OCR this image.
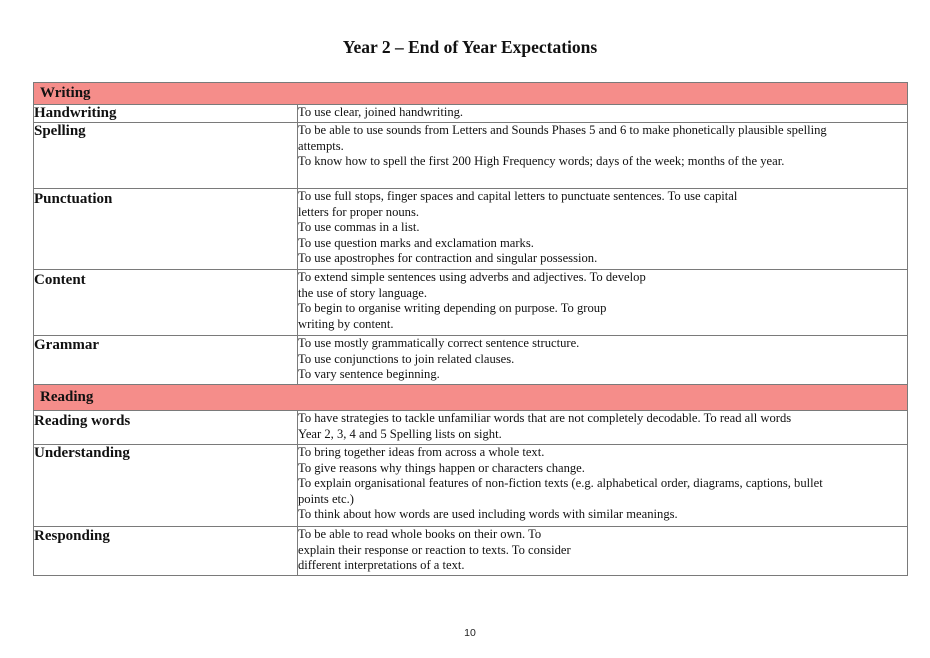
Year 2 – End of Year Expectations
Writing	
Handwriting	To use clear, joined handwriting.

Spelling	To be able to use sounds from Letters and Sounds Phases 5 and 6 to make phonetically plausible spelling
attempts.
To know how to spell the first 200 High Frequency words; days of the week; months of the year.

Punctuation	To use full stops, finger spaces and capital letters to punctuate sentences. To use capital
letters for proper nouns.
To use commas in a list.
To use question marks and exclamation marks.
To use apostrophes for contraction and singular possession.

Content	To extend simple sentences using adverbs and adjectives. To develop
the use of story language.
To begin to organise writing depending on purpose. To group
writing by content.

Grammar	To use mostly grammatically correct sentence structure.
To use conjunctions to join related clauses.
To vary sentence beginning.

Reading	
Reading words	To have strategies to tackle unfamiliar words that are not completely decodable. To read all words
Year 2, 3, 4 and 5 Spelling lists on sight.

Understanding	To bring together ideas from across a whole text.
To give reasons why things happen or characters change.
To explain organisational features of non-fiction texts (e.g. alphabetical order, diagrams, captions, bullet
points etc.)
To think about how words are used including words with similar meanings.

Responding	To be able to read whole books on their own. To
explain their response or reaction to texts. To consider
different interpretations of a text.
10
